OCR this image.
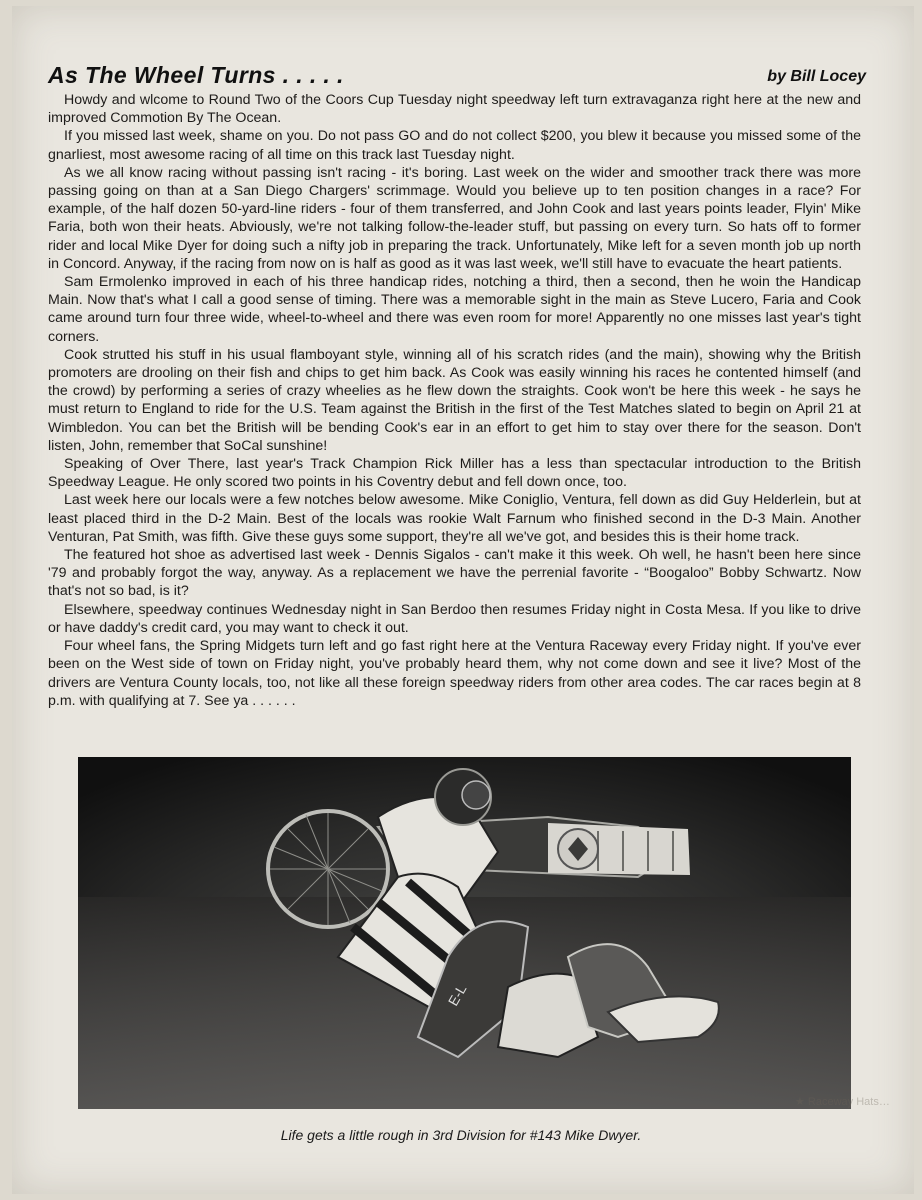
As The Wheel Turns . . . . .	by Bill Locey

Howdy and wlcome to Round Two of the Coors Cup Tuesday night speedway left turn extravaganza right here at the new and improved Commotion By The Ocean.

If you missed last week, shame on you. Do not pass GO and do not collect $200, you blew it because you missed some of the gnarliest, most awesome racing of all time on this track last Tuesday night.

As we all know racing without passing isn't racing - it's boring. Last week on the wider and smoother track there was more passing going on than at a San Diego Chargers' scrimmage. Would you believe up to ten position changes in a race? For example, of the half dozen 50-yard-line riders - four of them transferred, and John Cook and last years points leader, Flyin' Mike Faria, both won their heats. Abviously, we're not talking follow-the-leader stuff, but passing on every turn. So hats off to former rider and local Mike Dyer for doing such a nifty job in preparing the track. Unfortunately, Mike left for a seven month job up north in Concord. Anyway, if the racing from now on is half as good as it was last week, we'll still have to evacuate the heart patients.

Sam Ermolenko improved in each of his three handicap rides, notching a third, then a second, then he woin the Handicap Main. Now that's what I call a good sense of timing. There was a memorable sight in the main as Steve Lucero, Faria and Cook came around turn four three wide, wheel-to-wheel and there was even room for more! Apparently no one misses last year's tight corners.

Cook strutted his stuff in his usual flamboyant style, winning all of his scratch rides (and the main), showing why the British promoters are drooling on their fish and chips to get him back. As Cook was easily winning his races he contented himself (and the crowd) by performing a series of crazy wheelies as he flew down the straights. Cook won't be here this week - he says he must return to England to ride for the U.S. Team against the British in the first of the Test Matches slated to begin on April 21 at Wimbledon. You can bet the British will be bending Cook's ear in an effort to get him to stay over there for the season. Don't listen, John, remember that SoCal sunshine!

Speaking of Over There, last year's Track Champion Rick Miller has a less than spectacular introduction to the British Speedway League. He only scored two points in his Coventry debut and fell down once, too.

Last week here our locals were a few notches below awesome. Mike Coniglio, Ventura, fell down as did Guy Helderlein, but at least placed third in the D-2 Main. Best of the locals was rookie Walt Farnum who finished second in the D-3 Main. Another Venturan, Pat Smith, was fifth. Give these guys some support, they're all we've got, and besides this is their home track.

The featured hot shoe as advertised last week - Dennis Sigalos - can't make it this week. Oh well, he hasn't been here since '79 and probably forgot the way, anyway. As a replacement we have the perrenial favorite - “Boogaloo” Bobby Schwartz. Now that's not so bad, is it?

Elsewhere, speedway continues Wednesday night in San Berdoo then resumes Friday night in Costa Mesa. If you like to drive or have daddy's credit card, you may want to check it out.

Four wheel fans, the Spring Midgets turn left and go fast right here at the Ventura Raceway every Friday night. If you've ever been on the West side of town on Friday night, you've probably heard them, why not come down and see it live? Most of the drivers are Ventura County locals, too, not like all these foreign speedway riders from other area codes. The car races begin at 8 p.m. with qualifying at 7. See ya . . . . . .

E-L
★ Raceway Hats…
Life gets a little rough in 3rd Division for #143 Mike Dwyer.
